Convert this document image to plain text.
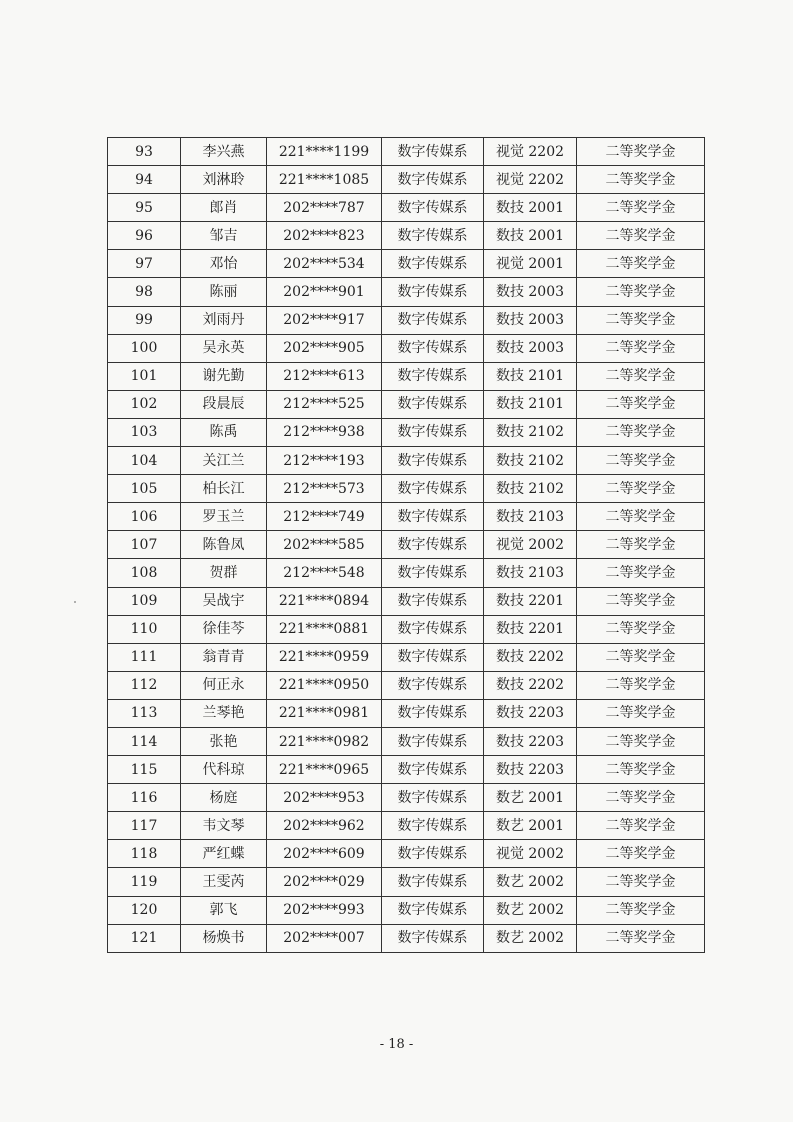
93	李兴燕	221****1199	数字传媒系	视觉 2202	二等奖学金
94	刘淋聆	221****1085	数字传媒系	视觉 2202	二等奖学金
95	郎肖	202****787	数字传媒系	数技 2001	二等奖学金
96	邹吉	202****823	数字传媒系	数技 2001	二等奖学金
97	邓怡	202****534	数字传媒系	视觉 2001	二等奖学金
98	陈丽	202****901	数字传媒系	数技 2003	二等奖学金
99	刘雨丹	202****917	数字传媒系	数技 2003	二等奖学金
100	吴永英	202****905	数字传媒系	数技 2003	二等奖学金
101	谢先勤	212****613	数字传媒系	数技 2101	二等奖学金
102	段晨辰	212****525	数字传媒系	数技 2101	二等奖学金
103	陈禹	212****938	数字传媒系	数技 2102	二等奖学金
104	关江兰	212****193	数字传媒系	数技 2102	二等奖学金
105	柏长江	212****573	数字传媒系	数技 2102	二等奖学金
106	罗玉兰	212****749	数字传媒系	数技 2103	二等奖学金
107	陈鲁凤	202****585	数字传媒系	视觉 2002	二等奖学金
108	贺群	212****548	数字传媒系	数技 2103	二等奖学金
109	吴战宇	221****0894	数字传媒系	数技 2201	二等奖学金
110	徐佳芩	221****0881	数字传媒系	数技 2201	二等奖学金
111	翁青青	221****0959	数字传媒系	数技 2202	二等奖学金
112	何正永	221****0950	数字传媒系	数技 2202	二等奖学金
113	兰琴艳	221****0981	数字传媒系	数技 2203	二等奖学金
114	张艳	221****0982	数字传媒系	数技 2203	二等奖学金
115	代科琼	221****0965	数字传媒系	数技 2203	二等奖学金
116	杨庭	202****953	数字传媒系	数艺 2001	二等奖学金
117	韦文琴	202****962	数字传媒系	数艺 2001	二等奖学金
118	严红蝶	202****609	数字传媒系	视觉 2002	二等奖学金
119	王雯芮	202****029	数字传媒系	数艺 2002	二等奖学金
120	郭飞	202****993	数字传媒系	数艺 2002	二等奖学金
121	杨焕书	202****007	数字传媒系	数艺 2002	二等奖学金
- 18 -
